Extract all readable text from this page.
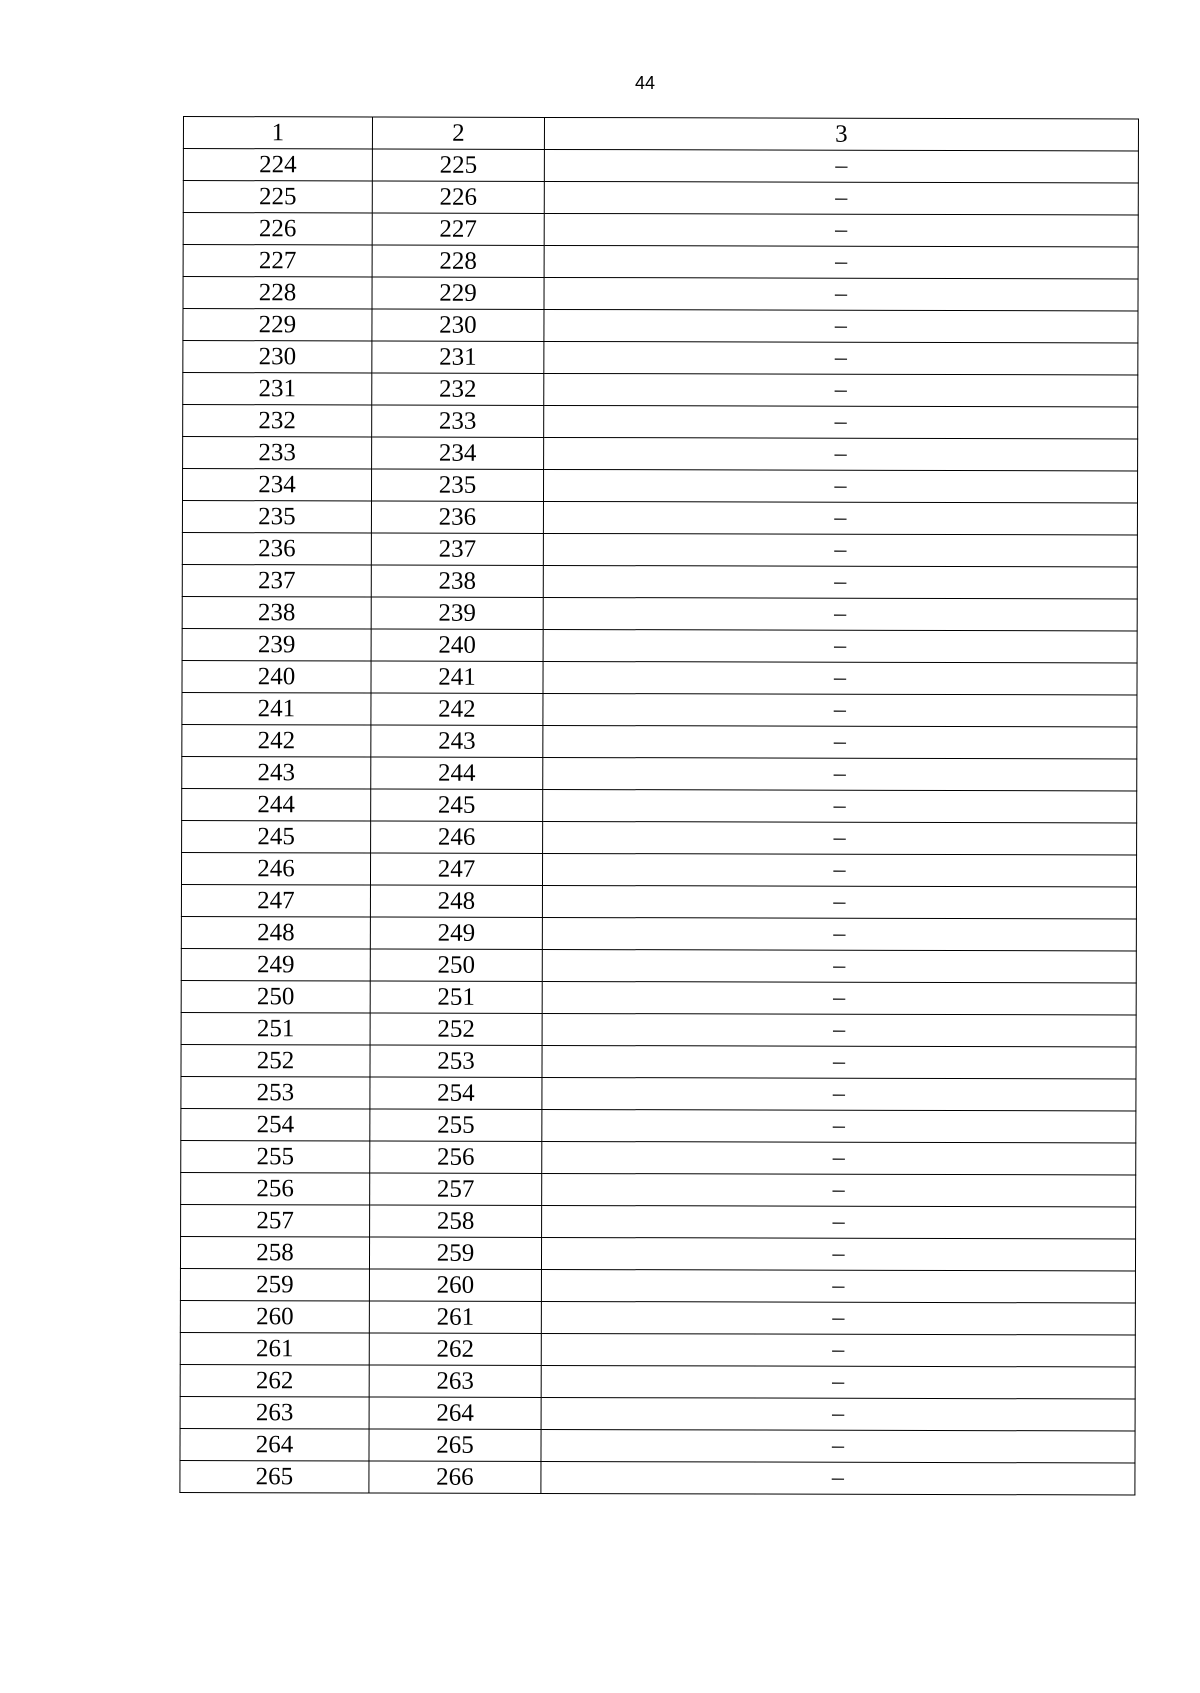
44
1	2	3
224	225	–
225	226	–
226	227	–
227	228	–
228	229	–
229	230	–
230	231	–
231	232	–
232	233	–
233	234	–
234	235	–
235	236	–
236	237	–
237	238	–
238	239	–
239	240	–
240	241	–
241	242	–
242	243	–
243	244	–
244	245	–
245	246	–
246	247	–
247	248	–
248	249	–
249	250	–
250	251	–
251	252	–
252	253	–
253	254	–
254	255	–
255	256	–
256	257	–
257	258	–
258	259	–
259	260	–
260	261	–
261	262	–
262	263	–
263	264	–
264	265	–
265	266	–
